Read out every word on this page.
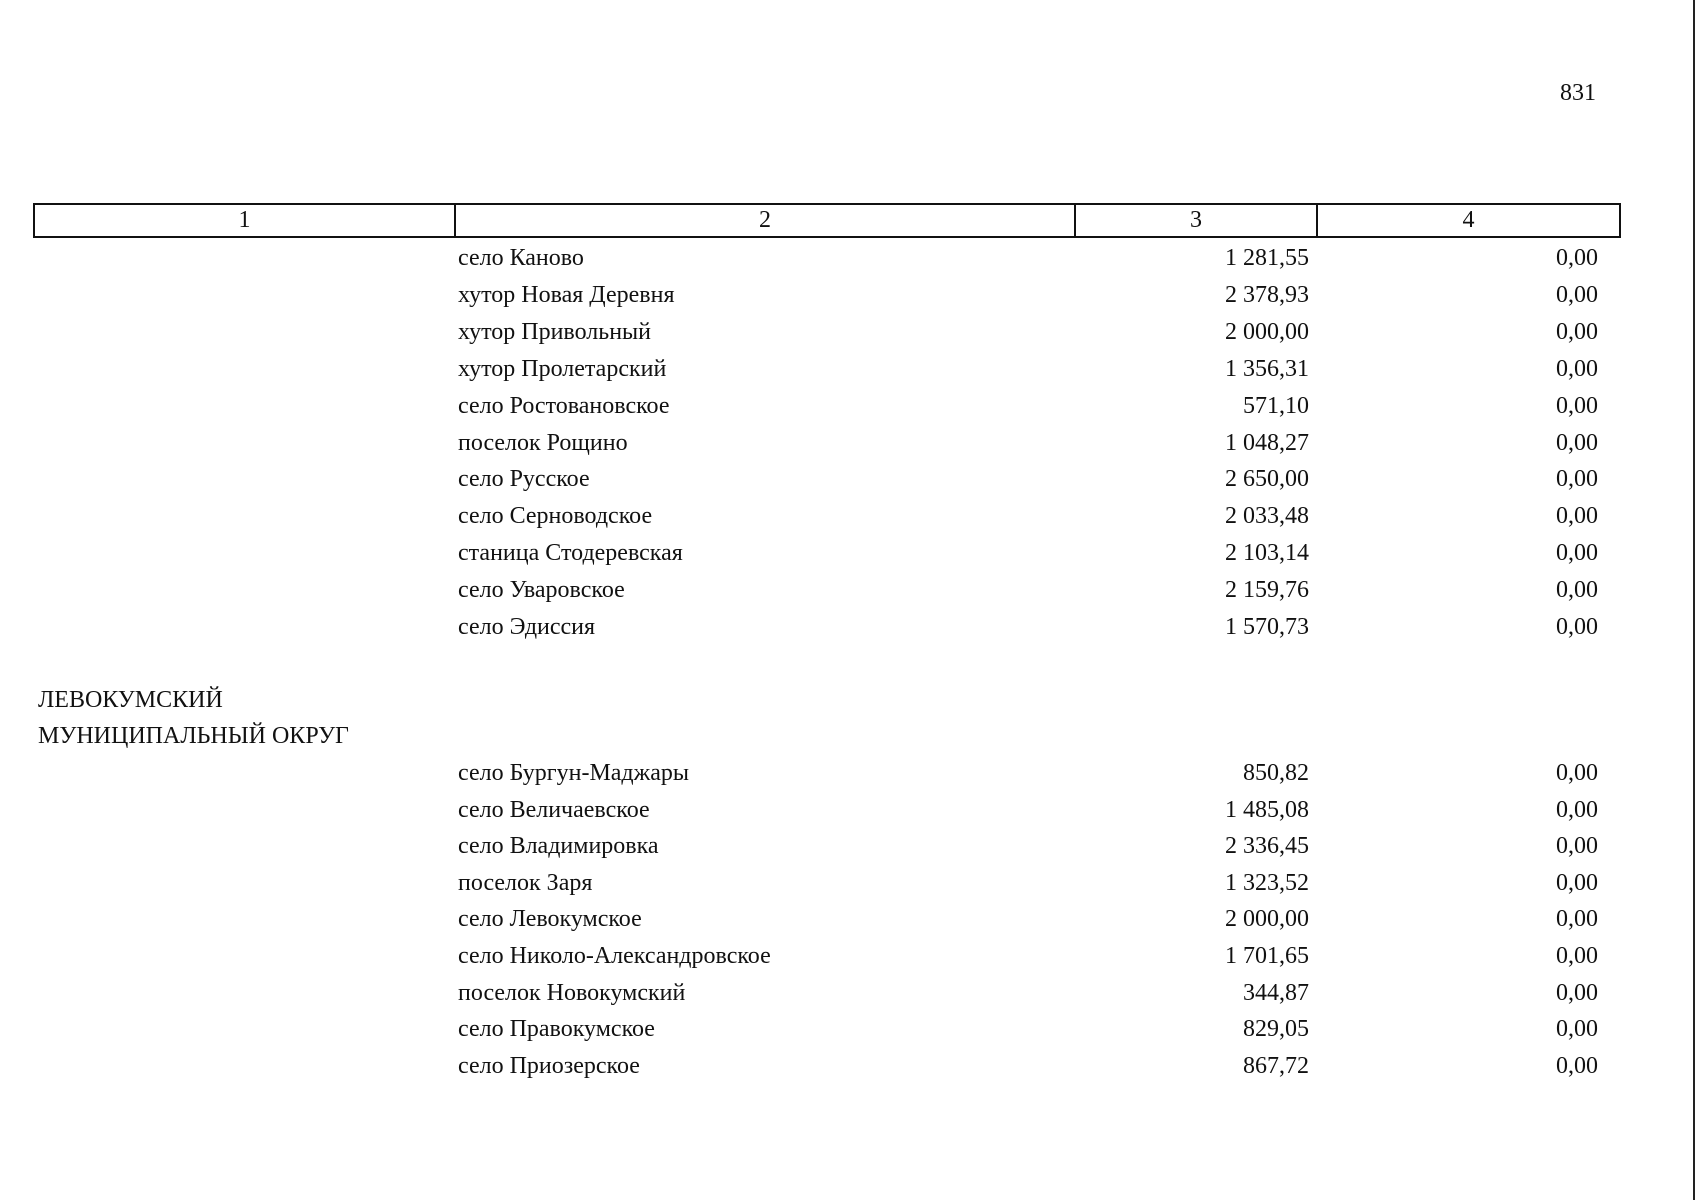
831
1	2	3	4
село Каново	1 281,55	0,00
хутор Новая Деревня	2 378,93	0,00
хутор Привольный	2 000,00	0,00
хутор Пролетарский	1 356,31	0,00
село Ростовановское	571,10	0,00
поселок Рощино	1 048,27	0,00
село Русское	2 650,00	0,00
село Серноводское	2 033,48	0,00
станица Стодеревская	2 103,14	0,00
село Уваровское	2 159,76	0,00
село Эдиссия	1 570,73	0,00
ЛЕВОКУМСКИЙ
МУНИЦИПАЛЬНЫЙ ОКРУГ
село Бургун-Маджары	850,82	0,00
село Величаевское	1 485,08	0,00
село Владимировка	2 336,45	0,00
поселок Заря	1 323,52	0,00
село Левокумское	2 000,00	0,00
село Николо-Александровское	1 701,65	0,00
поселок Новокумский	344,87	0,00
село Правокумское	829,05	0,00
село Приозерское	867,72	0,00
